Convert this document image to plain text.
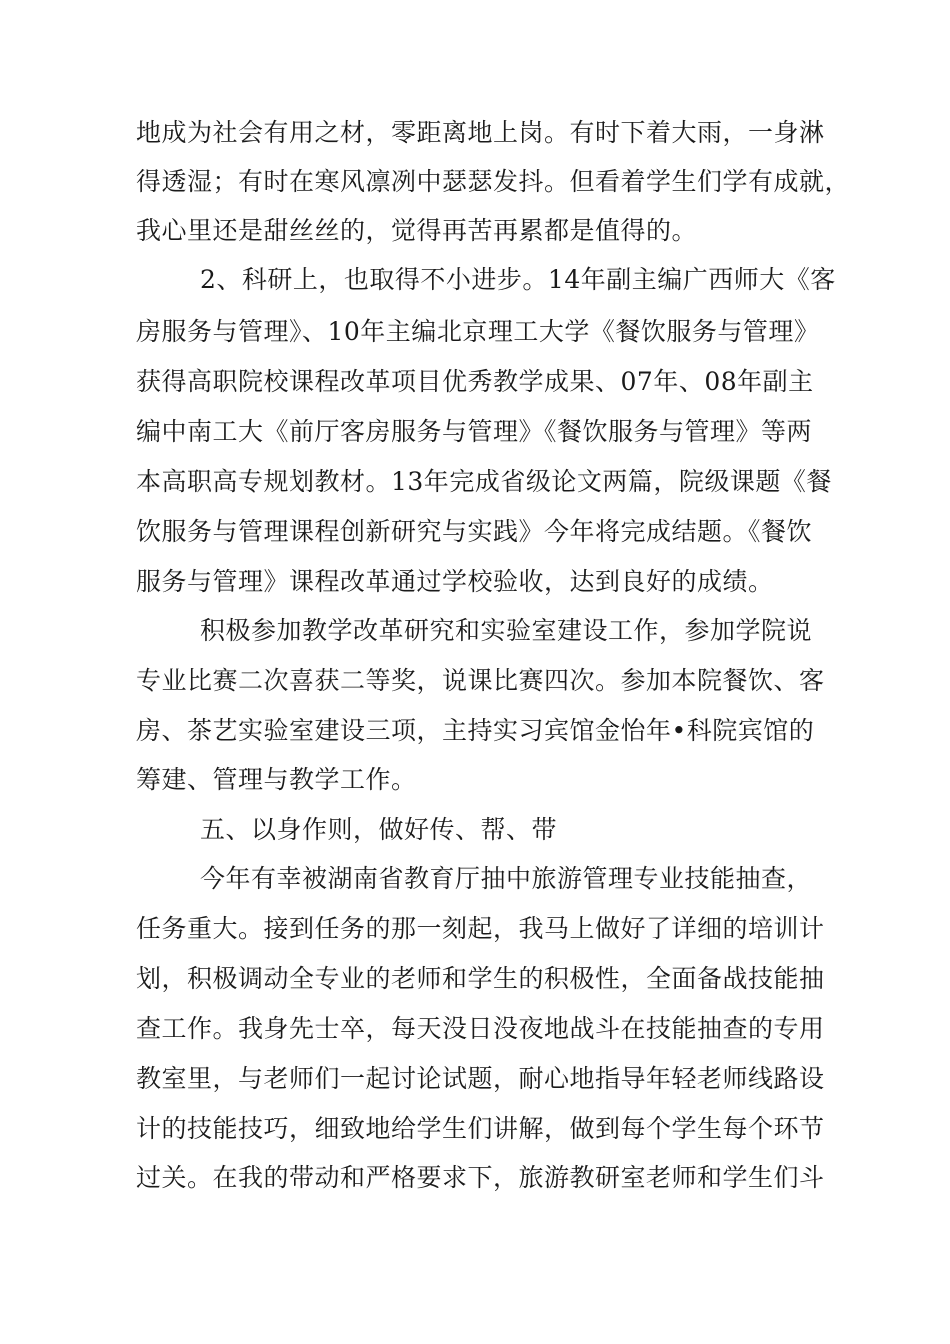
地成为社会有用之材，零距离地上岗。有时下着大雨，一身淋
得透湿；有时在寒风凛冽中瑟瑟发抖。但看着学生们学有成就，
我心里还是甜丝丝的，觉得再苦再累都是值得的。
2、科研上，也取得不小进步。14年副主编广西师大《客
房服务与管理》、10年主编北京理工大学《餐饮服务与管理》
获得高职院校课程改革项目优秀教学成果、07年、08年副主
编中南工大《前厅客房服务与管理》《餐饮服务与管理》等两
本高职高专规划教材。13年完成省级论文两篇，院级课题《餐
饮服务与管理课程创新研究与实践》今年将完成结题。《餐饮
服务与管理》课程改革通过学校验收，达到良好的成绩。
积极参加教学改革研究和实验室建设工作，参加学院说
专业比赛二次喜获二等奖，说课比赛四次。参加本院餐饮、客
房、茶艺实验室建设三项，主持实习宾馆金怡年•科院宾馆的
筹建、管理与教学工作。
五、以身作则，做好传、帮、带
今年有幸被湖南省教育厅抽中旅游管理专业技能抽查，
任务重大。接到任务的那一刻起，我马上做好了详细的培训计
划，积极调动全专业的老师和学生的积极性，全面备战技能抽
查工作。我身先士卒，每天没日没夜地战斗在技能抽查的专用
教室里，与老师们一起讨论试题，耐心地指导年轻老师线路设
计的技能技巧，细致地给学生们讲解，做到每个学生每个环节
过关。在我的带动和严格要求下，旅游教研室老师和学生们斗
